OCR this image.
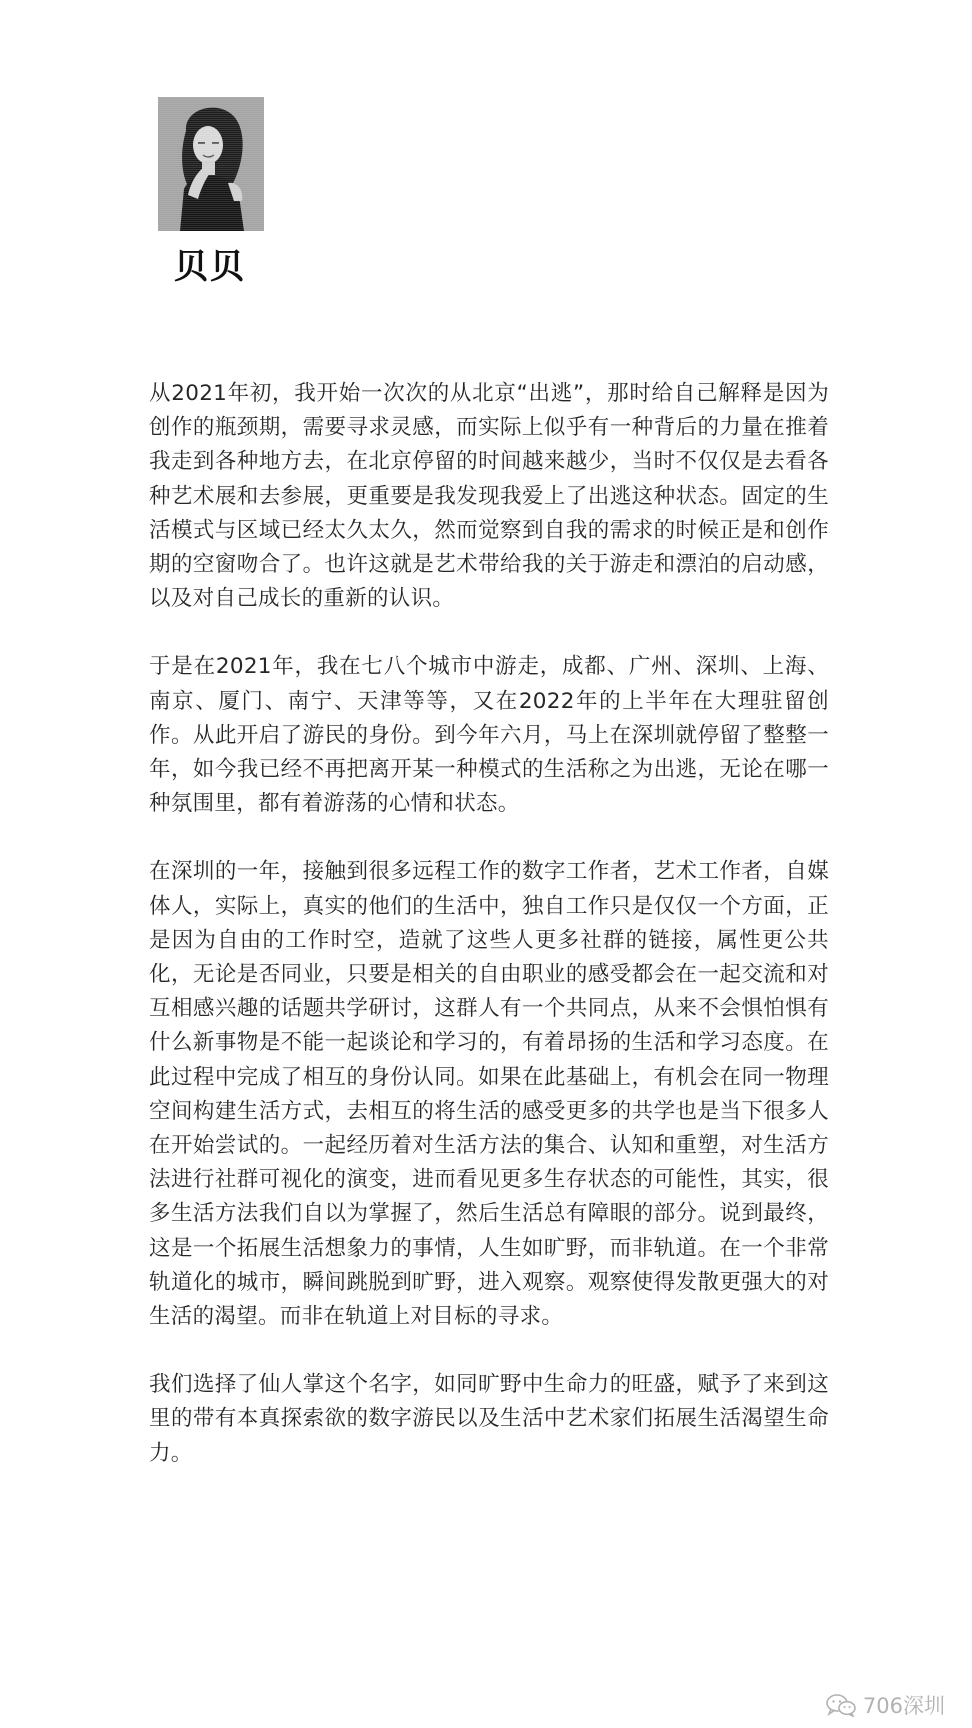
贝贝

从2021年初，我开始一次次的从北京“出逃”，那时给自己解释是因为创作的瓶颈期，需要寻求灵感，而实际上似乎有一种背后的力量在推着我走到各种地方去，在北京停留的时间越来越少，当时不仅仅是去看各种艺术展和去参展，更重要是我发现我爱上了出逃这种状态。固定的生活模式与区域已经太久太久，然而觉察到自我的需求的时候正是和创作期的空窗吻合了。也许这就是艺术带给我的关于游走和漂泊的启动感，以及对自己成长的重新的认识。

于是在2021年，我在七八个城市中游走，成都、广州、深圳、上海、南京、厦门、南宁、天津等等，又在2022年的上半年在大理驻留创作。从此开启了游民的身份。到今年六月，马上在深圳就停留了整整一年，如今我已经不再把离开某一种模式的生活称之为出逃，无论在哪一种氛围里，都有着游荡的心情和状态。

在深圳的一年，接触到很多远程工作的数字工作者，艺术工作者，自媒体人，实际上，真实的他们的生活中，独自工作只是仅仅一个方面，正是因为自由的工作时空，造就了这些人更多社群的链接，属性更公共化，无论是否同业，只要是相关的自由职业的感受都会在一起交流和对互相感兴趣的话题共学研讨，这群人有一个共同点，从来不会惧怕惧有什么新事物是不能一起谈论和学习的，有着昂扬的生活和学习态度。在此过程中完成了相互的身份认同。如果在此基础上，有机会在同一物理空间构建生活方式，去相互的将生活的感受更多的共学也是当下很多人在开始尝试的。一起经历着对生活方法的集合、认知和重塑，对生活方法进行社群可视化的演变，进而看见更多生存状态的可能性，其实，很多生活方法我们自以为掌握了，然后生活总有障眼的部分。说到最终，这是一个拓展生活想象力的事情，人生如旷野，而非轨道。在一个非常轨道化的城市，瞬间跳脱到旷野，进入观察。观察使得发散更强大的对生活的渴望。而非在轨道上对目标的寻求。

我们选择了仙人掌这个名字，如同旷野中生命力的旺盛，赋予了来到这里的带有本真探索欲的数字游民以及生活中艺术家们拓展生活渴望生命力。

706深圳
